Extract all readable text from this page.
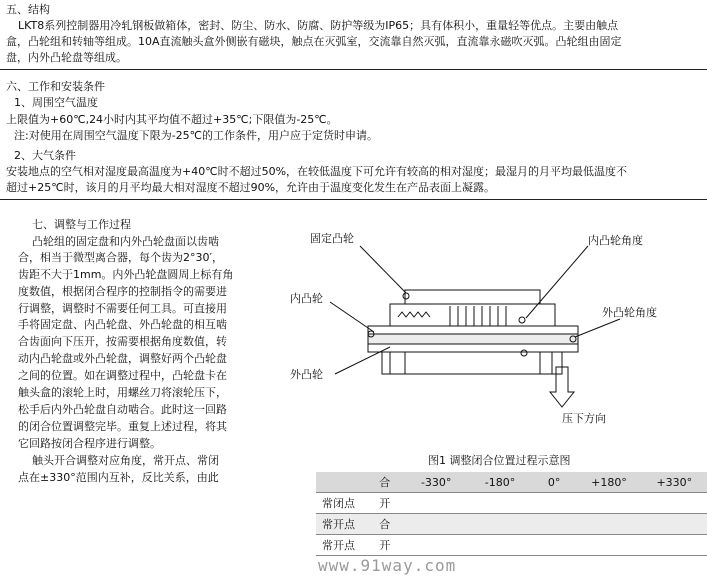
五、结构
LKT8系列控制器用冷轧钢板做箱体，密封、防尘、防水、防腐、防护等级为IP65；具有体积小，重量轻等优点。主要由触点
盒，凸轮组和转轴等组成。10A直流触头盒外侧嵌有磁块，触点在灭弧室，交流靠自然灭弧，直流靠永磁吹灭弧。凸轮组由固定
盘，内外凸轮盘等组成。
六、工作和安装条件
1、周围空气温度
上限值为+60℃,24小时内其平均值不超过+35℃;下限值为-25℃。
注:对使用在周围空气温度下限为-25℃的工作条件，用户应于定货时申请。
2、大气条件
安装地点的空气相对湿度最高温度为+40℃时不超过50%，在较低温度下可允许有较高的相对湿度；最湿月的月平均最低温度不
超过+25℃时，该月的月平均最大相对湿度不超过90%，允许由于温度变化发生在产品表面上凝露。
七、调整与工作过程
凸轮组的固定盘和内外凸轮盘面以齿啮
合，相当于微型离合器，每个齿为2°30′，
齿距不大于1mm。内外凸轮盘圆周上标有角
度数值，根据闭合程序的控制指令的需要进
行调整，调整时不需要任何工具。可直接用
手将固定盘、内凸轮盘、外凸轮盘的相互啮
合齿面向下压开，按需要根据角度数值，转
动内凸轮盘或外凸轮盘，调整好两个凸轮盘
之间的位置。如在调整过程中，凸轮盘卡在
触头盒的滚轮上时，用螺丝刀将滚轮压下，
松手后内外凸轮盘自动啮合。此时这一回路
的闭合位置调整完毕。重复上述过程，将其
它回路按闭合程序进行调整。
触头开合调整对应角度，常开点、常闭
点在±330°范围内互补，反比关系，由此
固定凸轮	内凸轮角度
内凸轮
外凸轮角度
外凸轮
压下方向
图1 调整闭合位置过程示意图
	合	-330°	-180°	0°	+180°	+330°
常闭点	开					
常开点	合					
常开点	开					
www.91way.com
